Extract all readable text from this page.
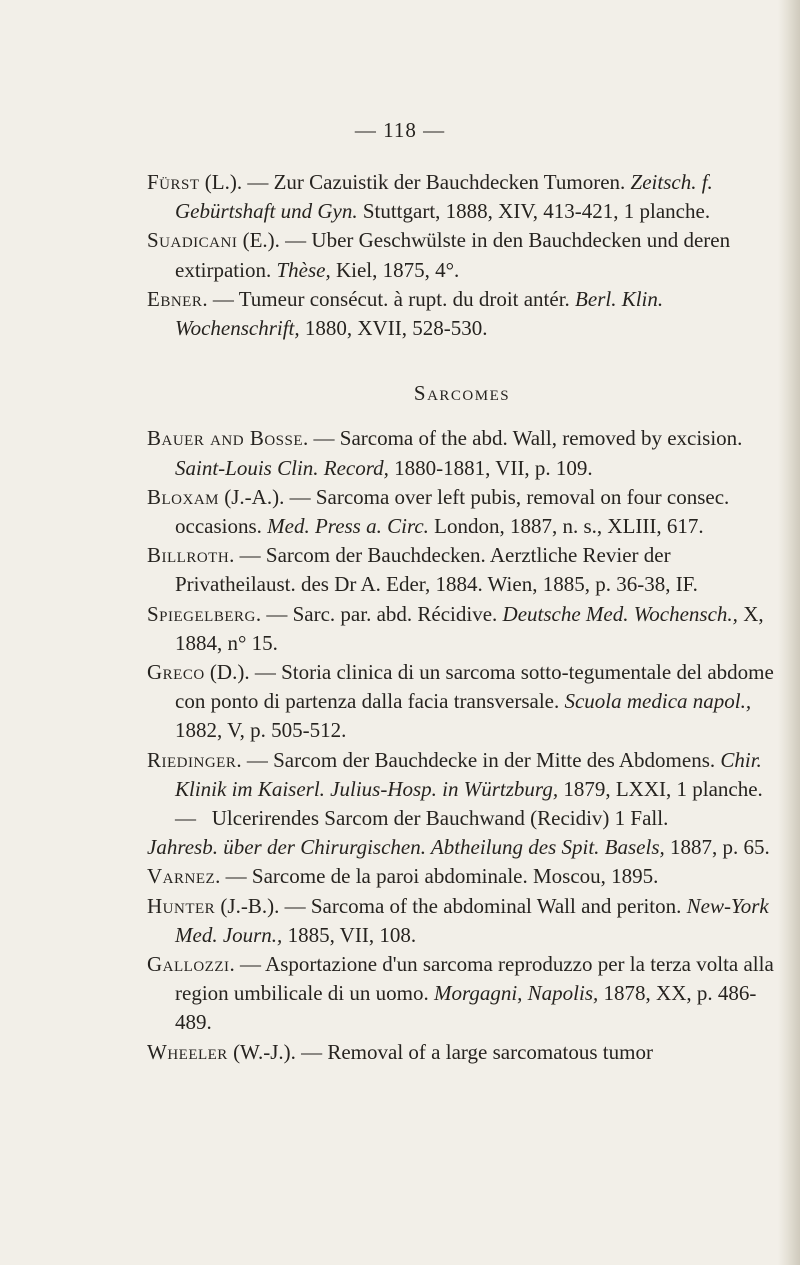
— 118 —

Fürst (L.). — Zur Cazuistik der Bauchdecken Tumoren. Zeitsch. f. Gebürtshaft und Gyn. Stuttgart, 1888, XIV, 413-421, 1 planche.

Suadicani (E.). — Uber Geschwülste in den Bauchdecken und deren extirpation. Thèse, Kiel, 1875, 4°.

Ebner. — Tumeur consécut. à rupt. du droit antér. Berl. Klin. Wochenschrift, 1880, XVII, 528-530.

Sarcomes

Bauer and Bosse. — Sarcoma of the abd. Wall, removed by excision. Saint-Louis Clin. Record, 1880-1881, VII, p. 109.

Bloxam (J.-A.). — Sarcoma over left pubis, removal on four consec. occasions. Med. Press a. Circ. London, 1887, n. s., XLIII, 617.

Billroth. — Sarcom der Bauchdecken. Aerztliche Revier der Privatheilaust. des Dr A. Eder, 1884. Wien, 1885, p. 36-38, IF.

Spiegelberg. — Sarc. par. abd. Récidive. Deutsche Med. Wochensch., X, 1884, n° 15.

Greco (D.). — Storia clinica di un sarcoma sotto-tegumentale del abdome con ponto di partenza dalla facia transversale. Scuola medica napol., 1882, V, p. 505-512.

Riedinger. — Sarcom der Bauchdecke in der Mitte des Abdomens. Chir. Klinik im Kaiserl. Julius-Hosp. in Würtzburg, 1879, LXXI, 1 planche.

— Ulcerirendes Sarcom der Bauchwand (Recidiv) 1 Fall.
Jahresb. über der Chirurgischen. Abtheilung des Spit. Basels, 1887, p. 65.

Varnez. — Sarcome de la paroi abdominale. Moscou, 1895.

Hunter (J.-B.). — Sarcoma of the abdominal Wall and periton. New-York Med. Journ., 1885, VII, 108.

Gallozzi. — Asportazione d'un sarcoma reproduzzo per la terza volta alla region umbilicale di un uomo. Morgagni, Napolis, 1878, XX, p. 486-489.

Wheeler (W.-J.). — Removal of a large sarcomatous tumor
